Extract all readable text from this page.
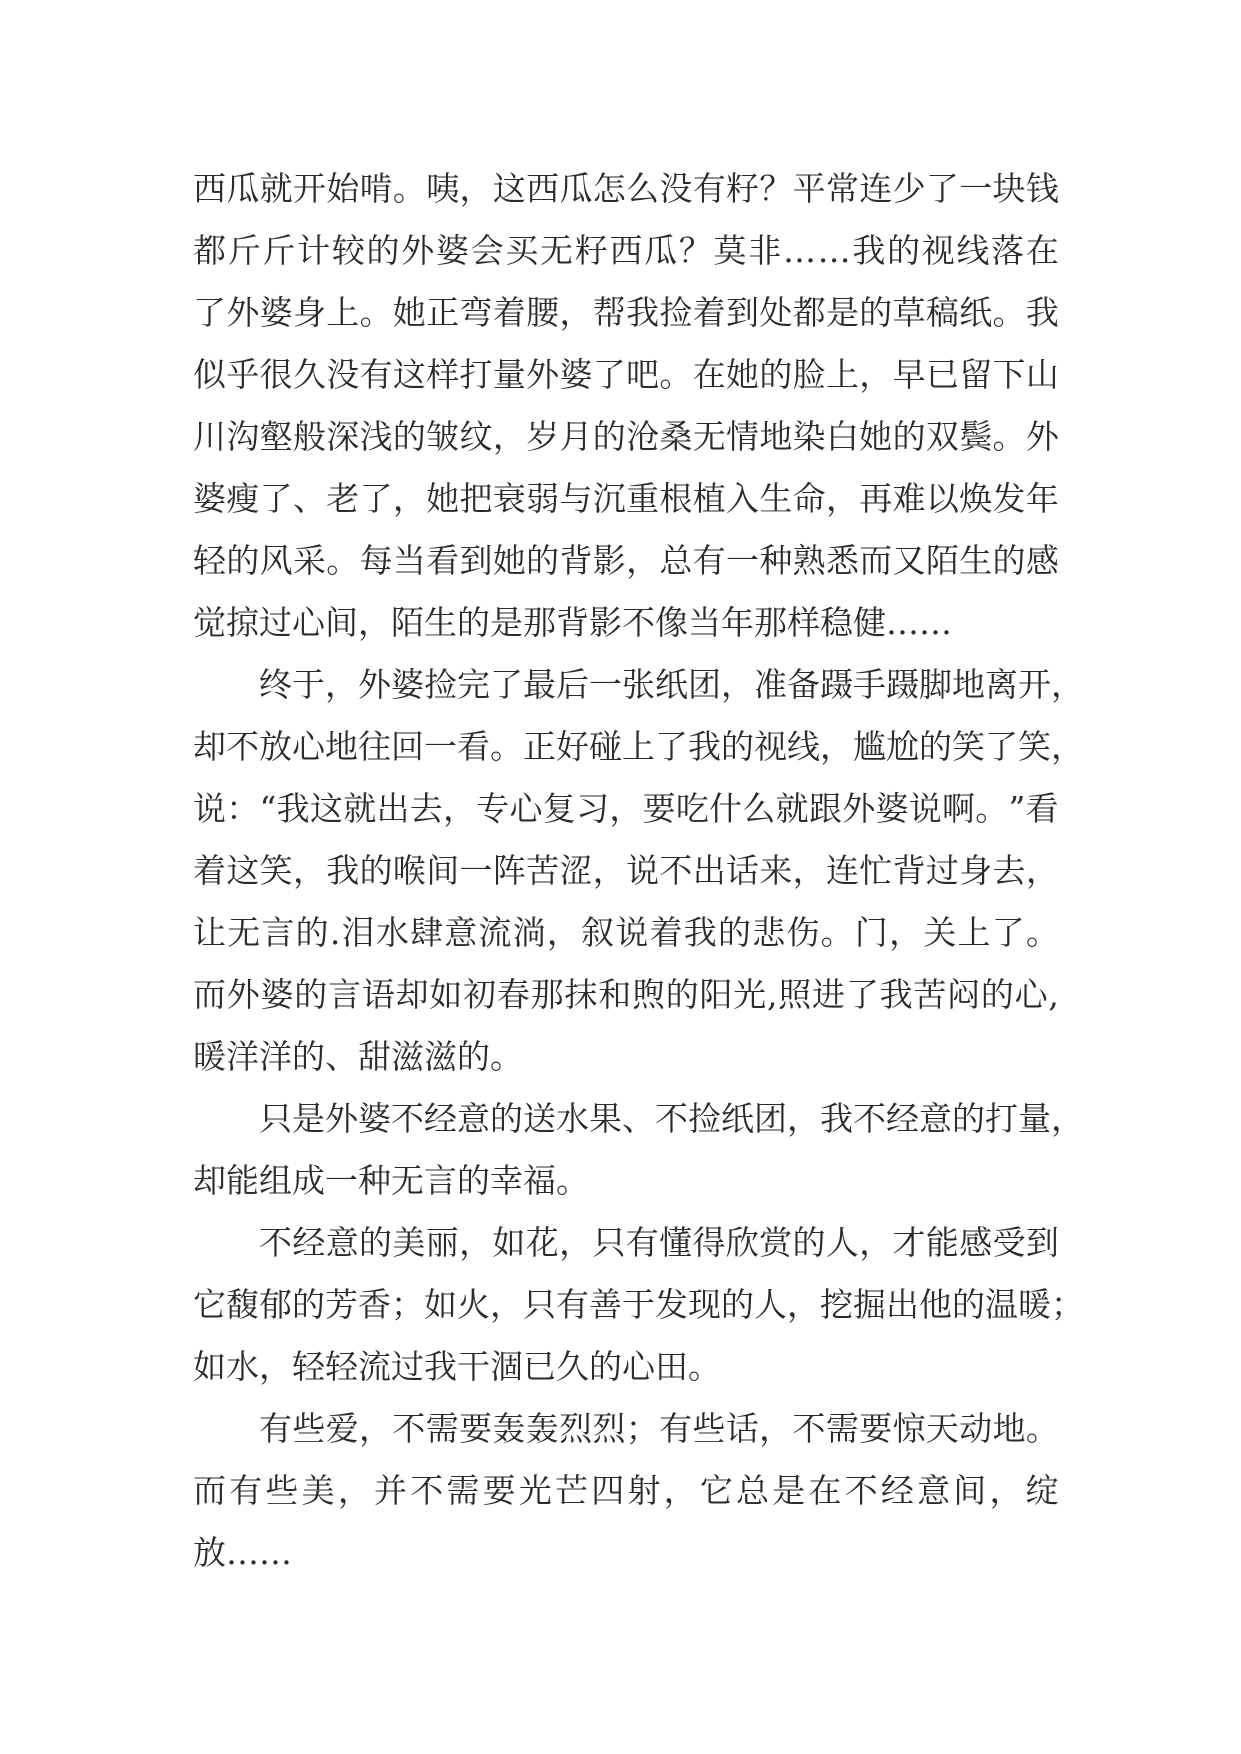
西 瓜 就 开 始 啃 。 咦 ， 这 西 瓜 怎 么 没 有 籽 ？ 平 常 连 少 了 一 块 钱
都 斤 斤 计 较 的 外 婆 会 买 无 籽 西 瓜 ？ 莫 非 … … 我 的 视 线 落 在
了 外 婆 身 上 。 她 正 弯 着 腰 ， 帮 我 捡 着 到 处 都 是 的 草 稿 纸 。 我
似 乎 很 久 没 有 这 样 打 量 外 婆 了 吧 。 在 她 的 脸 上 ， 早 已 留 下 山
川 沟 壑 般 深 浅 的 皱 纹 ， 岁 月 的 沧 桑 无 情 地 染 白 她 的 双 鬓 。 外
婆 瘦 了 、 老 了 ， 她 把 衰 弱 与 沉 重 根 植 入 生 命 ， 再 难 以 焕 发 年
轻 的 风 采 。 每 当 看 到 她 的 背 影 ， 总 有 一 种 熟 悉 而 又 陌 生 的 感
觉掠过心间，陌生的是那背影不像当年那样稳健……
终 于 ， 外 婆 捡 完 了 最 后 一 张 纸 团 ， 准 备 蹑 手 蹑 脚 地 离 开 ，
却 不 放 心 地 往 回 一 看 。 正 好 碰 上 了 我 的 视 线 ， 尴 尬 的 笑 了 笑 ，
说 ： “ 我 这 就 出 去 ， 专 心 复 习 ， 要 吃 什 么 就 跟 外 婆 说 啊 。 ” 看
着 这 笑 ， 我 的 喉 间 一 阵 苦 涩 ， 说 不 出 话 来 ， 连 忙 背 过 身 去 ，
让 无 言 的 . 泪 水 肆 意 流 淌 ， 叙 说 着 我 的 悲 伤 。 门 ， 关 上 了 。
而 外 婆 的 言 语 却 如 初 春 那 抹 和 煦 的 阳 光 , 照 进 了 我 苦 闷 的 心 ,
暖洋洋的、甜滋滋的。
只 是 外 婆 不 经 意 的 送 水 果 、 不 捡 纸 团 ， 我 不 经 意 的 打 量 ，
却能组成一种无言的幸福。
不 经 意 的 美 丽 ， 如 花 ， 只 有 懂 得 欣 赏 的 人 ， 才 能 感 受 到
它 馥 郁 的 芳 香 ； 如 火 ， 只 有 善 于 发 现 的 人 ， 挖 掘 出 他 的 温 暖 ；
如水，轻轻流过我干涸已久的心田。
有 些 爱 ， 不 需 要 轰 轰 烈 烈 ； 有 些 话 ， 不 需 要 惊 天 动 地 。
而 有 些 美 ， 并 不 需 要 光 芒 四 射 ， 它 总 是 在 不 经 意 间 ， 绽
放……
